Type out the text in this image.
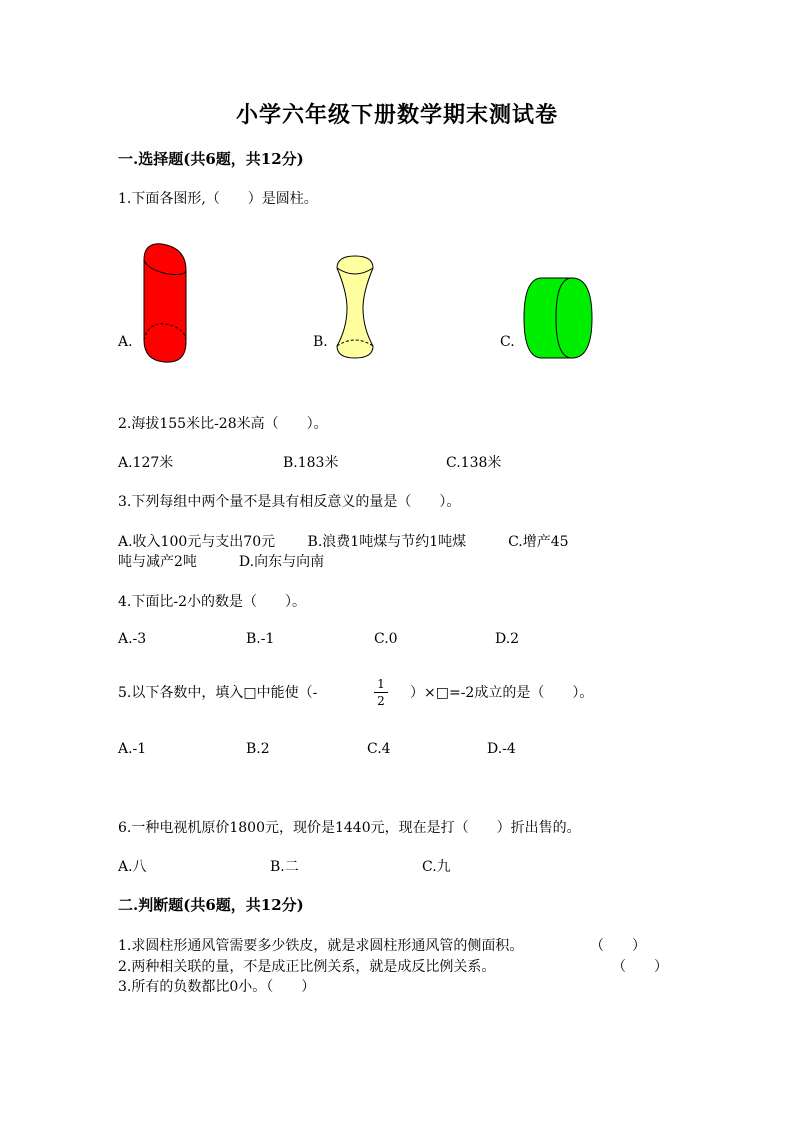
小学六年级下册数学期末测试卷
一.选择题(共6题，共12分)
1.下面各图形,（　　）是圆柱。
A.	B.	C.
2.海拔155米比-28米高（　　）。
A.127米	B.183米	C.138米
3.下列每组中两个量不是具有相反意义的量是（　　）。
A.收入100元与支出70元　　 B.浪费1吨煤与节约1吨煤　　　C.增产45
吨与减产2吨　　　D.向东与向南
4.下面比-2小的数是（　　）。
A.-3	B.-1	C.0	D.2
5.以下各数中，填入□中能使（-
1
2 ）×□=-2成立的是（　　）。
A.-1	B.2	C.4	D.-4
6.一种电视机原价1800元，现价是1440元，现在是打（　　）折出售的。
A.八	B.二	C.九
二.判断题(共6题，共12分)
1.求圆柱形通风管需要多少铁皮，就是求圆柱形通风管的侧面积。	（　　）
2.两种相关联的量，不是成正比例关系，就是成反比例关系。	（　　）
3.所有的负数都比0小。（　　）
